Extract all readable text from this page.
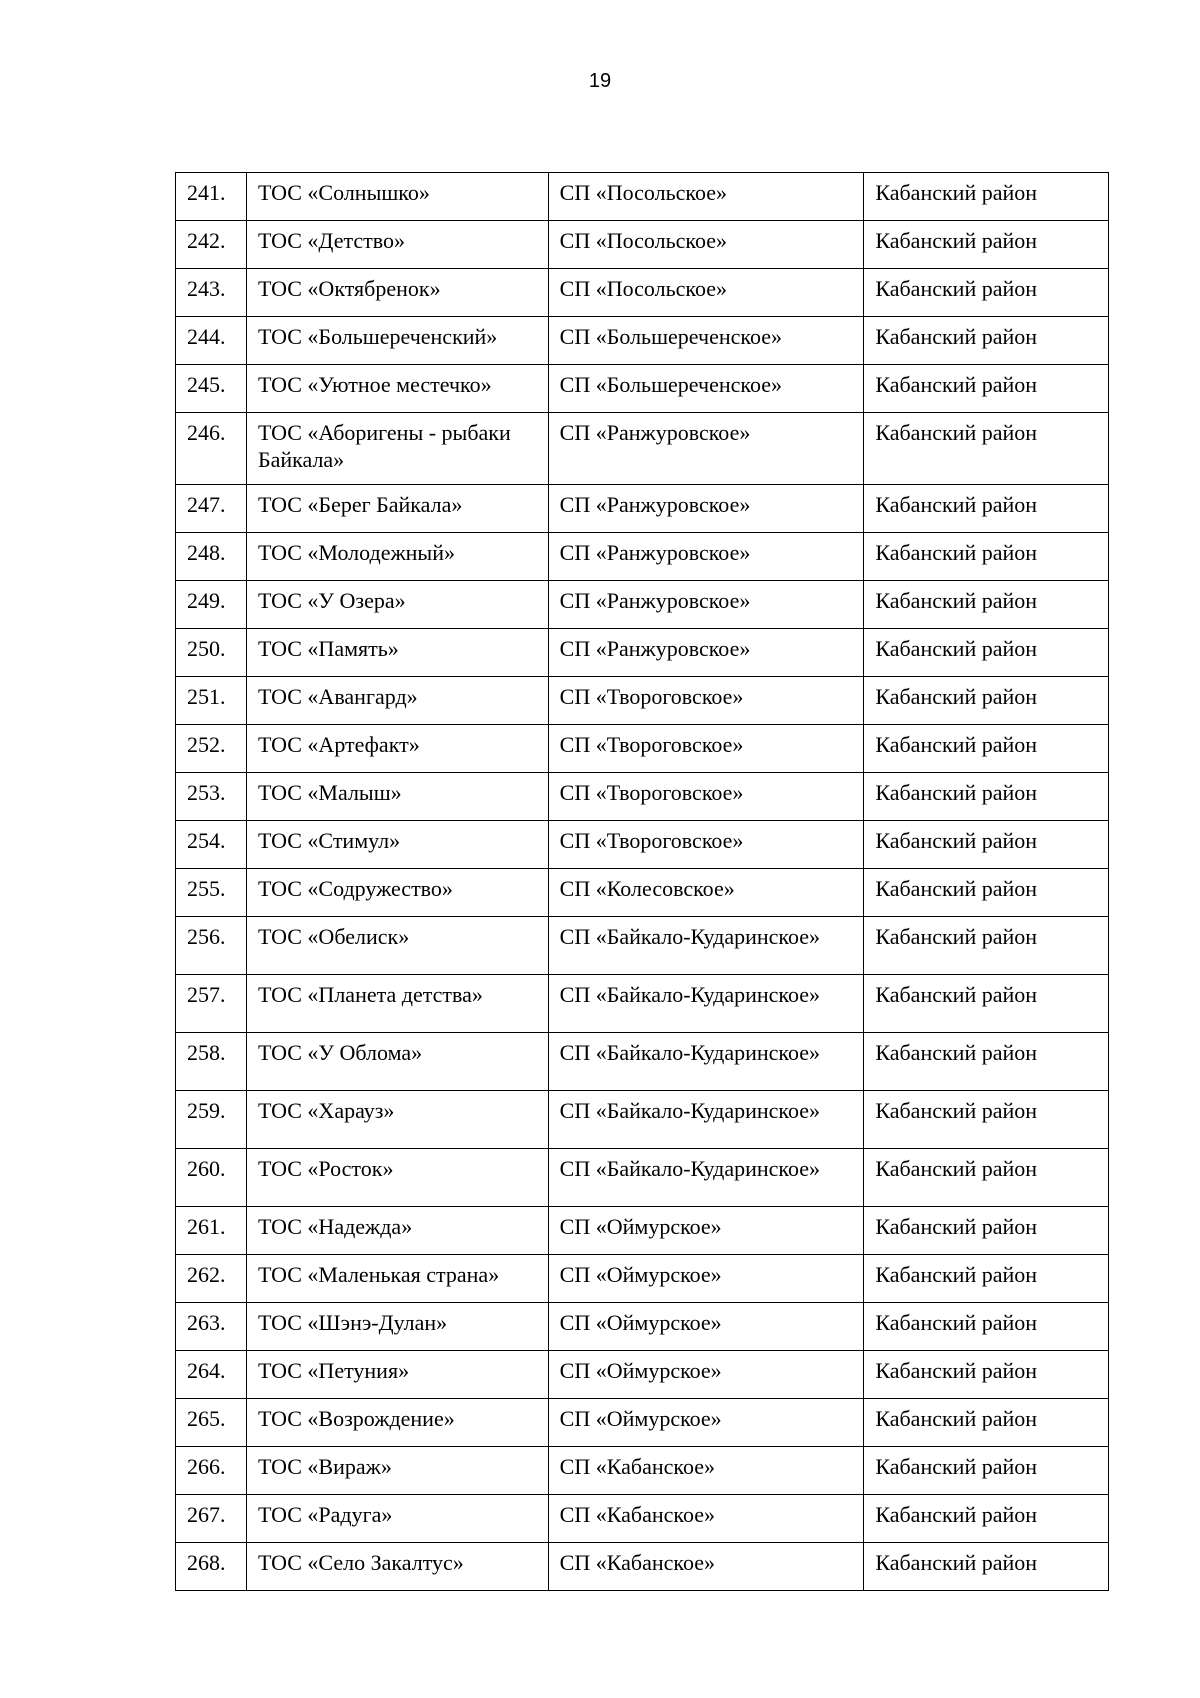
19
241.	ТОС «Солнышко»	СП «Посольское»	Кабанский район
242.	ТОС «Детство»	СП «Посольское»	Кабанский район
243.	ТОС «Октябренок»	СП «Посольское»	Кабанский район
244.	ТОС «Большереченский»	СП «Большереченское»	Кабанский район
245.	ТОС «Уютное местечко»	СП «Большереченское»	Кабанский район
246.	ТОС «Аборигены - рыбаки Байкала»	СП «Ранжуровское»	Кабанский район
247.	ТОС «Берег Байкала»	СП «Ранжуровское»	Кабанский район
248.	ТОС «Молодежный»	СП «Ранжуровское»	Кабанский район
249.	ТОС «У Озера»	СП «Ранжуровское»	Кабанский район
250.	ТОС «Память»	СП «Ранжуровское»	Кабанский район
251.	ТОС «Авангард»	СП «Твороговское»	Кабанский район
252.	ТОС «Артефакт»	СП «Твороговское»	Кабанский район
253.	ТОС «Малыш»	СП «Твороговское»	Кабанский район
254.	ТОС «Стимул»	СП «Твороговское»	Кабанский район
255.	ТОС «Содружество»	СП «Колесовское»	Кабанский район
256.	ТОС «Обелиск»	СП «Байкало-Кударинское»	Кабанский район
257.	ТОС «Планета детства»	СП «Байкало-Кударинское»	Кабанский район
258.	ТОС «У Облома»	СП «Байкало-Кударинское»	Кабанский район
259.	ТОС «Харауз»	СП «Байкало-Кударинское»	Кабанский район
260.	ТОС «Росток»	СП «Байкало-Кударинское»	Кабанский район
261.	ТОС «Надежда»	СП «Оймурское»	Кабанский район
262.	ТОС «Маленькая страна»	СП «Оймурское»	Кабанский район
263.	ТОС «Шэнэ-Дулан»	СП «Оймурское»	Кабанский район
264.	ТОС «Петуния»	СП «Оймурское»	Кабанский район
265.	ТОС «Возрождение»	СП «Оймурское»	Кабанский район
266.	ТОС «Вираж»	СП «Кабанское»	Кабанский район
267.	ТОС «Радуга»	СП «Кабанское»	Кабанский район
268.	ТОС «Село Закалтус»	СП «Кабанское»	Кабанский район
